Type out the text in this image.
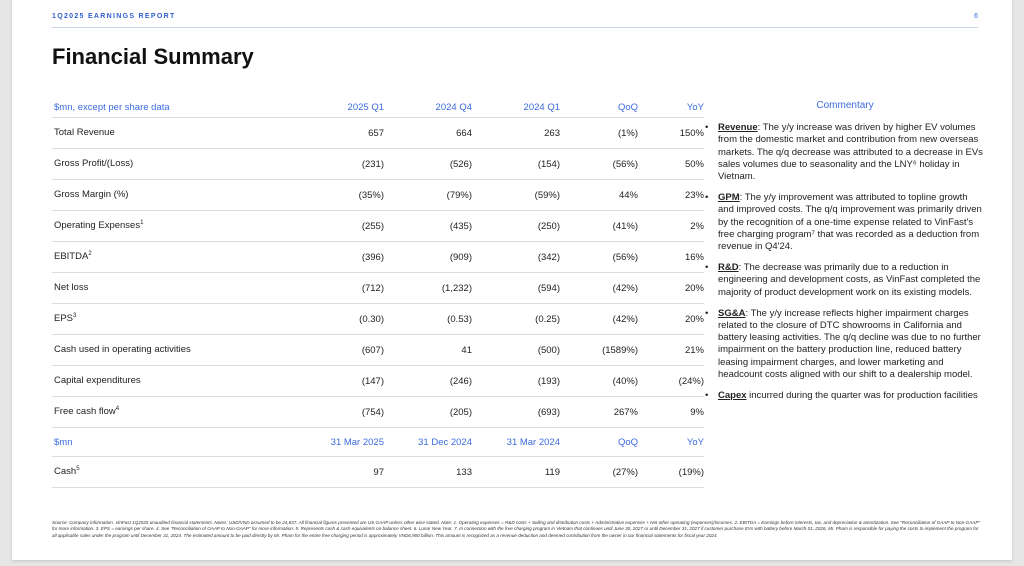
1Q2025 EARNINGS REPORT	6
Financial Summary
$mn, except per share data	2025 Q1	2024 Q4	2024 Q1	QoQ	YoY
Total Revenue	657	664	263	(1%)	150%
Gross Profit/(Loss)	(231)	(526)	(154)	(56%)	50%
Gross Margin (%)	(35%)	(79%)	(59%)	44%	23%
Operating Expenses$^1$	(255)	(435)	(250)	(41%)	2%
EBITDA$^2$	(396)	(909)	(342)	(56%)	16%
Net loss	(712)	(1,232)	(594)	(42%)	20%
EPS$^3$	(0.30)	(0.53)	(0.25)	(42%)	20%
Cash used in operating activities	(607)	41	(500)	(1589%)	21%
Capital expenditures	(147)	(246)	(193)	(40%)	(24%)
Free cash flow$^4$	(754)	(205)	(693)	267%	9%
$mn	31 Mar 2025	31 Dec 2024	31 Mar 2024	QoQ	YoY
Cash$^5$	97	133	119	(27%)	(19%)
Commentary
• Revenue: The y/y increase was driven by higher EV volumes from the domestic market and contribution from new overseas markets. The q/q decrease was attributed to a decrease in EVs sales volumes due to seasonality and the LNY⁶ holiday in Vietnam.
• GPM: The y/y improvement was attributed to topline growth and improved costs. The q/q improvement was primarily driven by the recognition of a one-time expense related to VinFast's free charging program⁷ that was recorded as a deduction from revenue in Q4'24.
• R&D: The decrease was primarily due to a reduction in engineering and development costs, as VinFast completed the majority of product development work on its existing models.
• SG&A: The y/y increase reflects higher impairment charges related to the closure of DTC showrooms in California and battery leasing activities. The q/q decline was due to no further impairment on the battery production line, reduced battery leasing impairment charges, and lower marketing and headcount costs aligned with our shift to a dealership model.
• Capex incurred during the quarter was for production facilities
Source: Company information. VinFast 1Q2025 unaudited financial statements. Notes: USD/VND assumed to be 24,837. All financial figures presented are US GAAP unless other wise stated. Note: 1. Operating expenses = R&D costs + Selling and distribution costs + Administrative expenses + Net other operating (expenses)/incomes. 2. EBITDA = Earnings before interests, tax, and depreciation & amortization. See "Reconciliation of GAAP to Non-GAAP" for more information. 3. EPS = earnings per share. 4. See "Reconciliation of GAAP to Non-GAAP" for more information. 5. Represents cash & cash equivalents on balance sheet. 6. Lunar New Year. 7. In connection with the free charging program in Vietnam that continues until June 30, 2027 or until December 31, 2027 if customer purchase EVs with battery before March 01, 2026, Mr. Pham is responsible for paying the costs to implement the program for all applicable sales under the program until December 31, 2024. The estimated amount to be paid directly by Mr. Pham for the entire free charging period is approximately VND6,900 billion. This amount is recognized as a revenue deduction and deemed contribution from the owner in our financial statements for fiscal year 2024.
